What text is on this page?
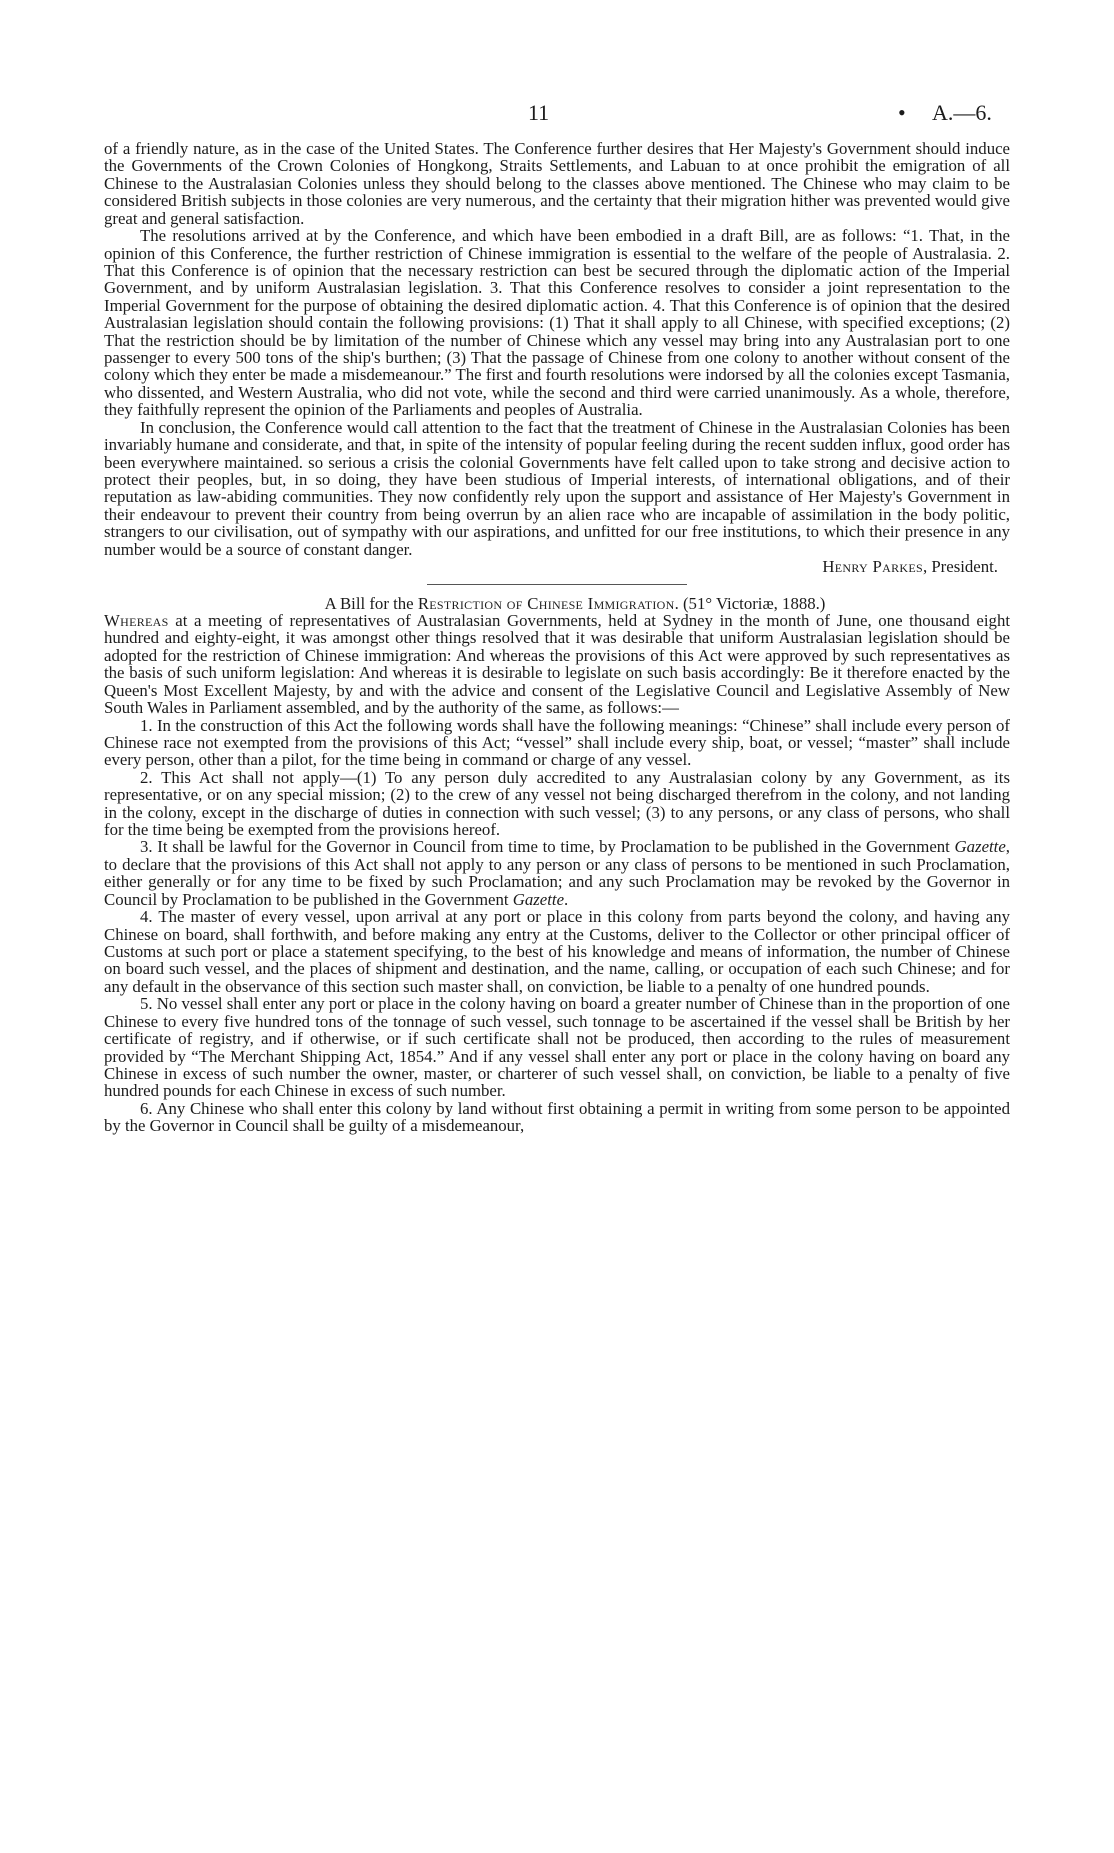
11	• A.—6.

of a friendly nature, as in the case of the United States. The Conference further desires that Her Majesty's Government should induce the Governments of the Crown Colonies of Hongkong, Straits Settlements, and Labuan to at once prohibit the emigration of all Chinese to the Australasian Colonies unless they should belong to the classes above mentioned. The Chinese who may claim to be considered British subjects in those colonies are very numerous, and the certainty that their migration hither was prevented would give great and general satisfaction.

The resolutions arrived at by the Conference, and which have been embodied in a draft Bill, are as follows: “1. That, in the opinion of this Conference, the further restriction of Chinese immigration is essential to the welfare of the people of Australasia. 2. That this Conference is of opinion that the necessary restriction can best be secured through the diplomatic action of the Imperial Government, and by uniform Australasian legislation. 3. That this Conference resolves to consider a joint representation to the Imperial Government for the purpose of obtaining the desired diplomatic action. 4. That this Conference is of opinion that the desired Australasian legislation should contain the following provisions: (1) That it shall apply to all Chinese, with specified exceptions; (2) That the restriction should be by limitation of the number of Chinese which any vessel may bring into any Australasian port to one passenger to every 500 tons of the ship's burthen; (3) That the passage of Chinese from one colony to another without consent of the colony which they enter be made a misdemeanour.” The first and fourth resolutions were indorsed by all the colonies except Tasmania, who dissented, and Western Australia, who did not vote, while the second and third were carried unanimously. As a whole, therefore, they faithfully represent the opinion of the Parliaments and peoples of Australia.

In conclusion, the Conference would call attention to the fact that the treatment of Chinese in the Australasian Colonies has been invariably humane and considerate, and that, in spite of the intensity of popular feeling during the recent sudden influx, good order has been everywhere maintained. so serious a crisis the colonial Governments have felt called upon to take strong and decisive action to protect their peoples, but, in so doing, they have been studious of Imperial interests, of international obligations, and of their reputation as law-abiding communities. They now confidently rely upon the support and assistance of Her Majesty's Government in their endeavour to prevent their country from being overrun by an alien race who are incapable of assimilation in the body politic, strangers to our civilisation, out of sympathy with our aspirations, and unfitted for our free institutions, to which their presence in any number would be a source of constant danger.

Henry Parkes, President.

A Bill for the Restriction of Chinese Immigration. (51° Victoriæ, 1888.)

Whereas at a meeting of representatives of Australasian Governments, held at Sydney in the month of June, one thousand eight hundred and eighty-eight, it was amongst other things resolved that it was desirable that uniform Australasian legislation should be adopted for the restriction of Chinese immigration: And whereas the provisions of this Act were approved by such representatives as the basis of such uniform legislation: And whereas it is desirable to legislate on such basis accordingly: Be it therefore enacted by the Queen's Most Excellent Majesty, by and with the advice and consent of the Legislative Council and Legislative Assembly of New South Wales in Parliament assembled, and by the authority of the same, as follows:—

1. In the construction of this Act the following words shall have the following meanings: “Chinese” shall include every person of Chinese race not exempted from the provisions of this Act; “vessel” shall include every ship, boat, or vessel; “master” shall include every person, other than a pilot, for the time being in command or charge of any vessel.

2. This Act shall not apply—(1) To any person duly accredited to any Australasian colony by any Government, as its representative, or on any special mission; (2) to the crew of any vessel not being discharged therefrom in the colony, and not landing in the colony, except in the discharge of duties in connection with such vessel; (3) to any persons, or any class of persons, who shall for the time being be exempted from the provisions hereof.

3. It shall be lawful for the Governor in Council from time to time, by Proclamation to be published in the Government Gazette, to declare that the provisions of this Act shall not apply to any person or any class of persons to be mentioned in such Proclamation, either generally or for any time to be fixed by such Proclamation; and any such Proclamation may be revoked by the Governor in Council by Proclamation to be published in the Government Gazette.

4. The master of every vessel, upon arrival at any port or place in this colony from parts beyond the colony, and having any Chinese on board, shall forthwith, and before making any entry at the Customs, deliver to the Collector or other principal officer of Customs at such port or place a statement specifying, to the best of his knowledge and means of information, the number of Chinese on board such vessel, and the places of shipment and destination, and the name, calling, or occupation of each such Chinese; and for any default in the observance of this section such master shall, on conviction, be liable to a penalty of one hundred pounds.

5. No vessel shall enter any port or place in the colony having on board a greater number of Chinese than in the proportion of one Chinese to every five hundred tons of the tonnage of such vessel, such tonnage to be ascertained if the vessel shall be British by her certificate of registry, and if otherwise, or if such certificate shall not be produced, then according to the rules of measurement provided by “The Merchant Shipping Act, 1854.” And if any vessel shall enter any port or place in the colony having on board any Chinese in excess of such number the owner, master, or charterer of such vessel shall, on conviction, be liable to a penalty of five hundred pounds for each Chinese in excess of such number.

6. Any Chinese who shall enter this colony by land without first obtaining a permit in writing from some person to be appointed by the Governor in Council shall be guilty of a misdemeanour,
